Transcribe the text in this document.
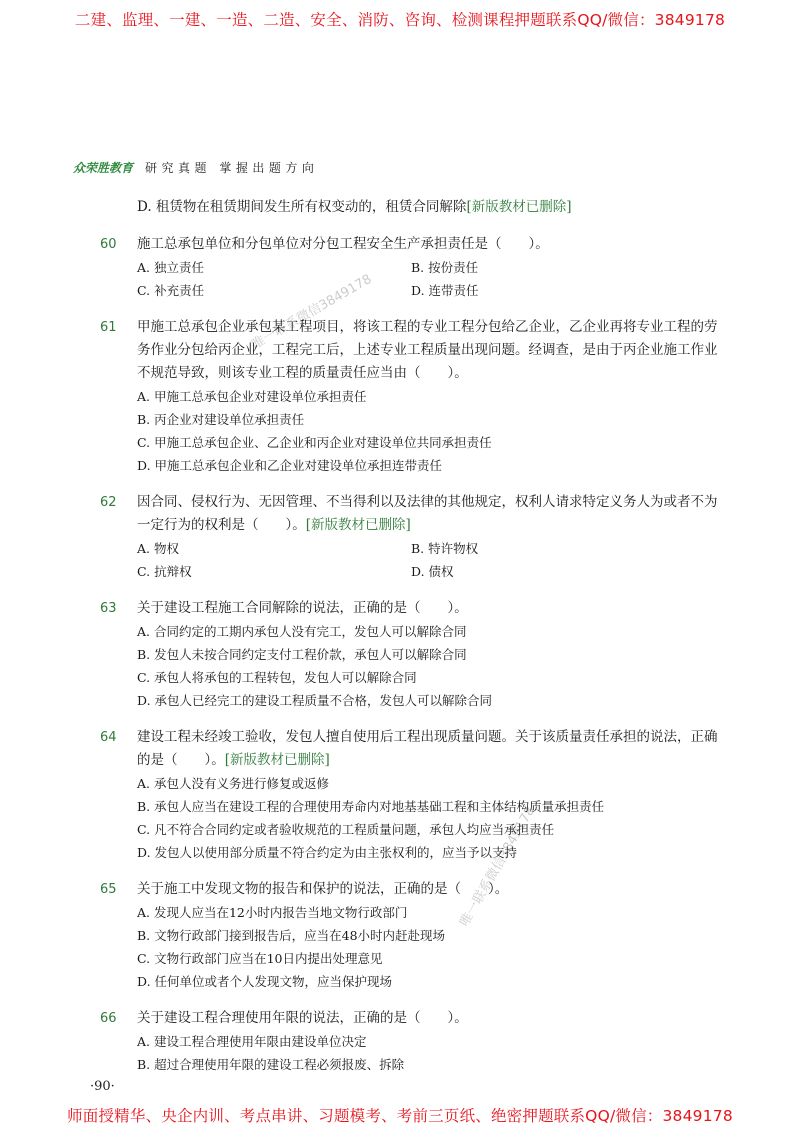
二建、监理、一建、一造、二造、安全、消防、咨询、检测课程押题联系QQ/微信：3849178
众荣胜教育 研究真题 掌握出题方向
D. 租赁物在租赁期间发生所有权变动的，租赁合同解除[新版教材已删除]
60	施工总承包单位和分包单位对分包工程安全生产承担责任是（　　）。
A. 独立责任	B. 按份责任
C. 补充责任	D. 连带责任
61	甲施工总承包企业承包某工程项目，将该工程的专业工程分包给乙企业，乙企业再将专业工程的劳务作业分包给丙企业，工程完工后，上述专业工程质量出现问题。经调查，是由于丙企业施工作业不规范导致，则该专业工程的质量责任应当由（　　）。
A. 甲施工总承包企业对建设单位承担责任
B. 丙企业对建设单位承担责任
C. 甲施工总承包企业、乙企业和丙企业对建设单位共同承担责任
D. 甲施工总承包企业和乙企业对建设单位承担连带责任
62	因合同、侵权行为、无因管理、不当得利以及法律的其他规定，权利人请求特定义务人为或者不为一定行为的权利是（　　）。[新版教材已删除]
A. 物权	B. 特许物权
C. 抗辩权	D. 债权
63	关于建设工程施工合同解除的说法，正确的是（　　）。
A. 合同约定的工期内承包人没有完工，发包人可以解除合同
B. 发包人未按合同约定支付工程价款，承包人可以解除合同
C. 承包人将承包的工程转包，发包人可以解除合同
D. 承包人已经完工的建设工程质量不合格，发包人可以解除合同
64	建设工程未经竣工验收，发包人擅自使用后工程出现质量问题。关于该质量责任承担的说法，正确的是（　　）。[新版教材已删除]
A. 承包人没有义务进行修复或返修
B. 承包人应当在建设工程的合理使用寿命内对地基基础工程和主体结构质量承担责任
C. 凡不符合合同约定或者验收规范的工程质量问题，承包人均应当承担责任
D. 发包人以使用部分质量不符合约定为由主张权利的，应当予以支持
65	关于施工中发现文物的报告和保护的说法，正确的是（　　）。
A. 发现人应当在12小时内报告当地文物行政部门
B. 文物行政部门接到报告后，应当在48小时内赶赴现场
C. 文物行政部门应当在10日内提出处理意见
D. 任何单位或者个人发现文物，应当保护现场
66	关于建设工程合理使用年限的说法，正确的是（　　）。
A. 建设工程合理使用年限由建设单位决定
B. 超过合理使用年限的建设工程必须报废、拆除
唯一联系微信3849178
唯一联系微信3849178
·90·
师面授精华、央企内训、考点串讲、习题模考、考前三页纸、绝密押题联系QQ/微信：3849178
